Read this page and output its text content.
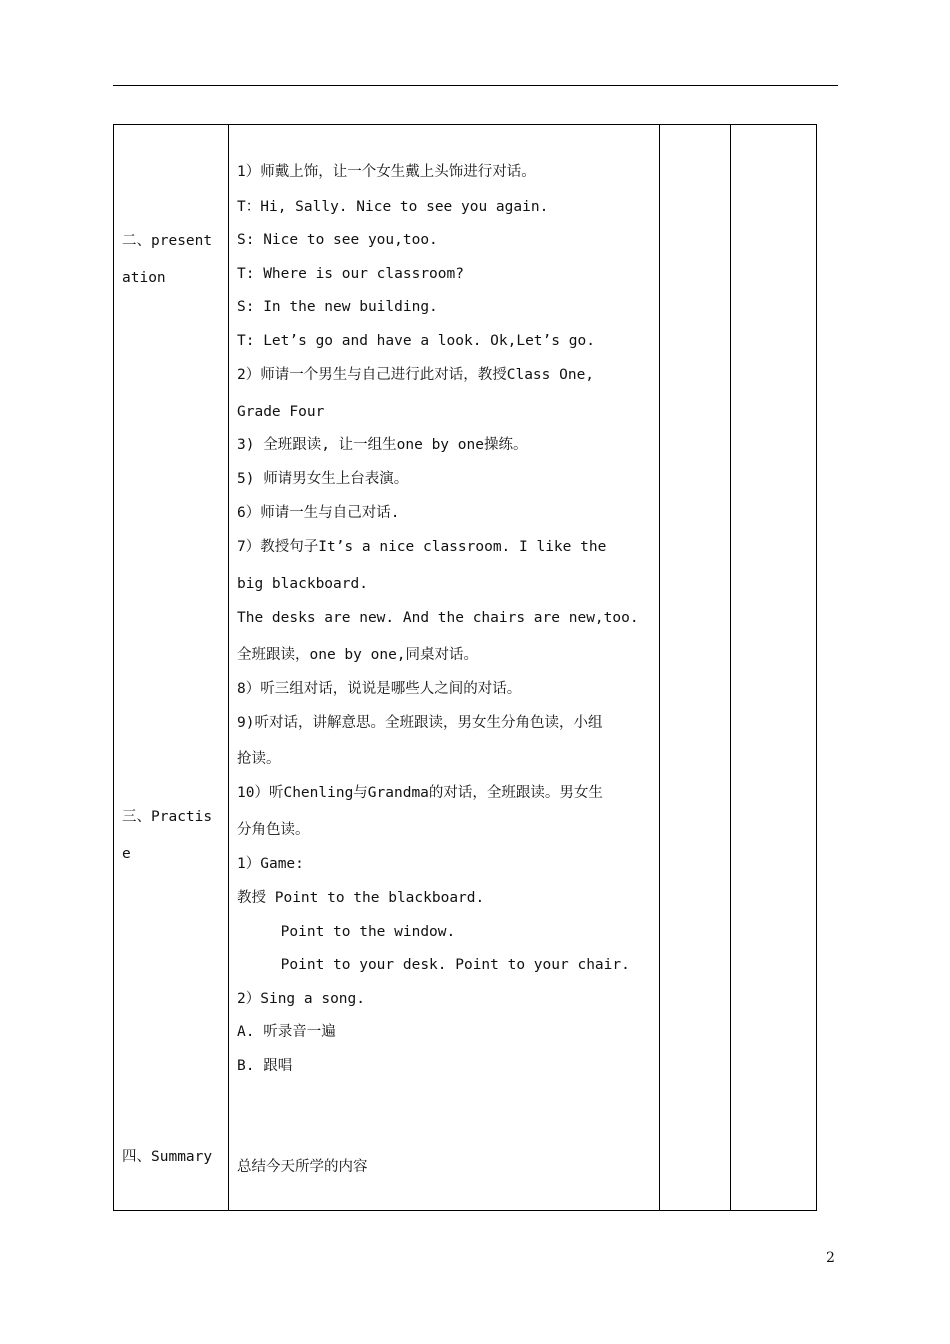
二、present
ation
三、Practis
e
四、Summary
1）师戴上饰，让一个女生戴上头饰进行对话。
T：Hi, Sally. Nice to see you again.
S: Nice to see you,too.
T: Where is our classroom?
S: In the new building.
T: Let’s go and have a look. Ok,Let’s go.
2）师请一个男生与自己进行此对话，教授Class One,
Grade Four
3) 全班跟读, 让一组生one by one操练。
5) 师请男女生上台表演。
6）师请一生与自己对话.
7）教授句子It’s a nice classroom. I like the
big blackboard.
The desks are new. And the chairs are new,too.
全班跟读，one by one,同桌对话。
8）听三组对话，说说是哪些人之间的对话。
9)听对话，讲解意思。全班跟读，男女生分角色读，小组
抢读。
10）听Chenling与Grandma的对话，全班跟读。男女生
分角色读。
1）Game:
教授 Point to the blackboard.
Point to the window.
Point to your desk. Point to your chair.
2）Sing a song.
A. 听录音一遍
B. 跟唱
总结今天所学的内容
2
